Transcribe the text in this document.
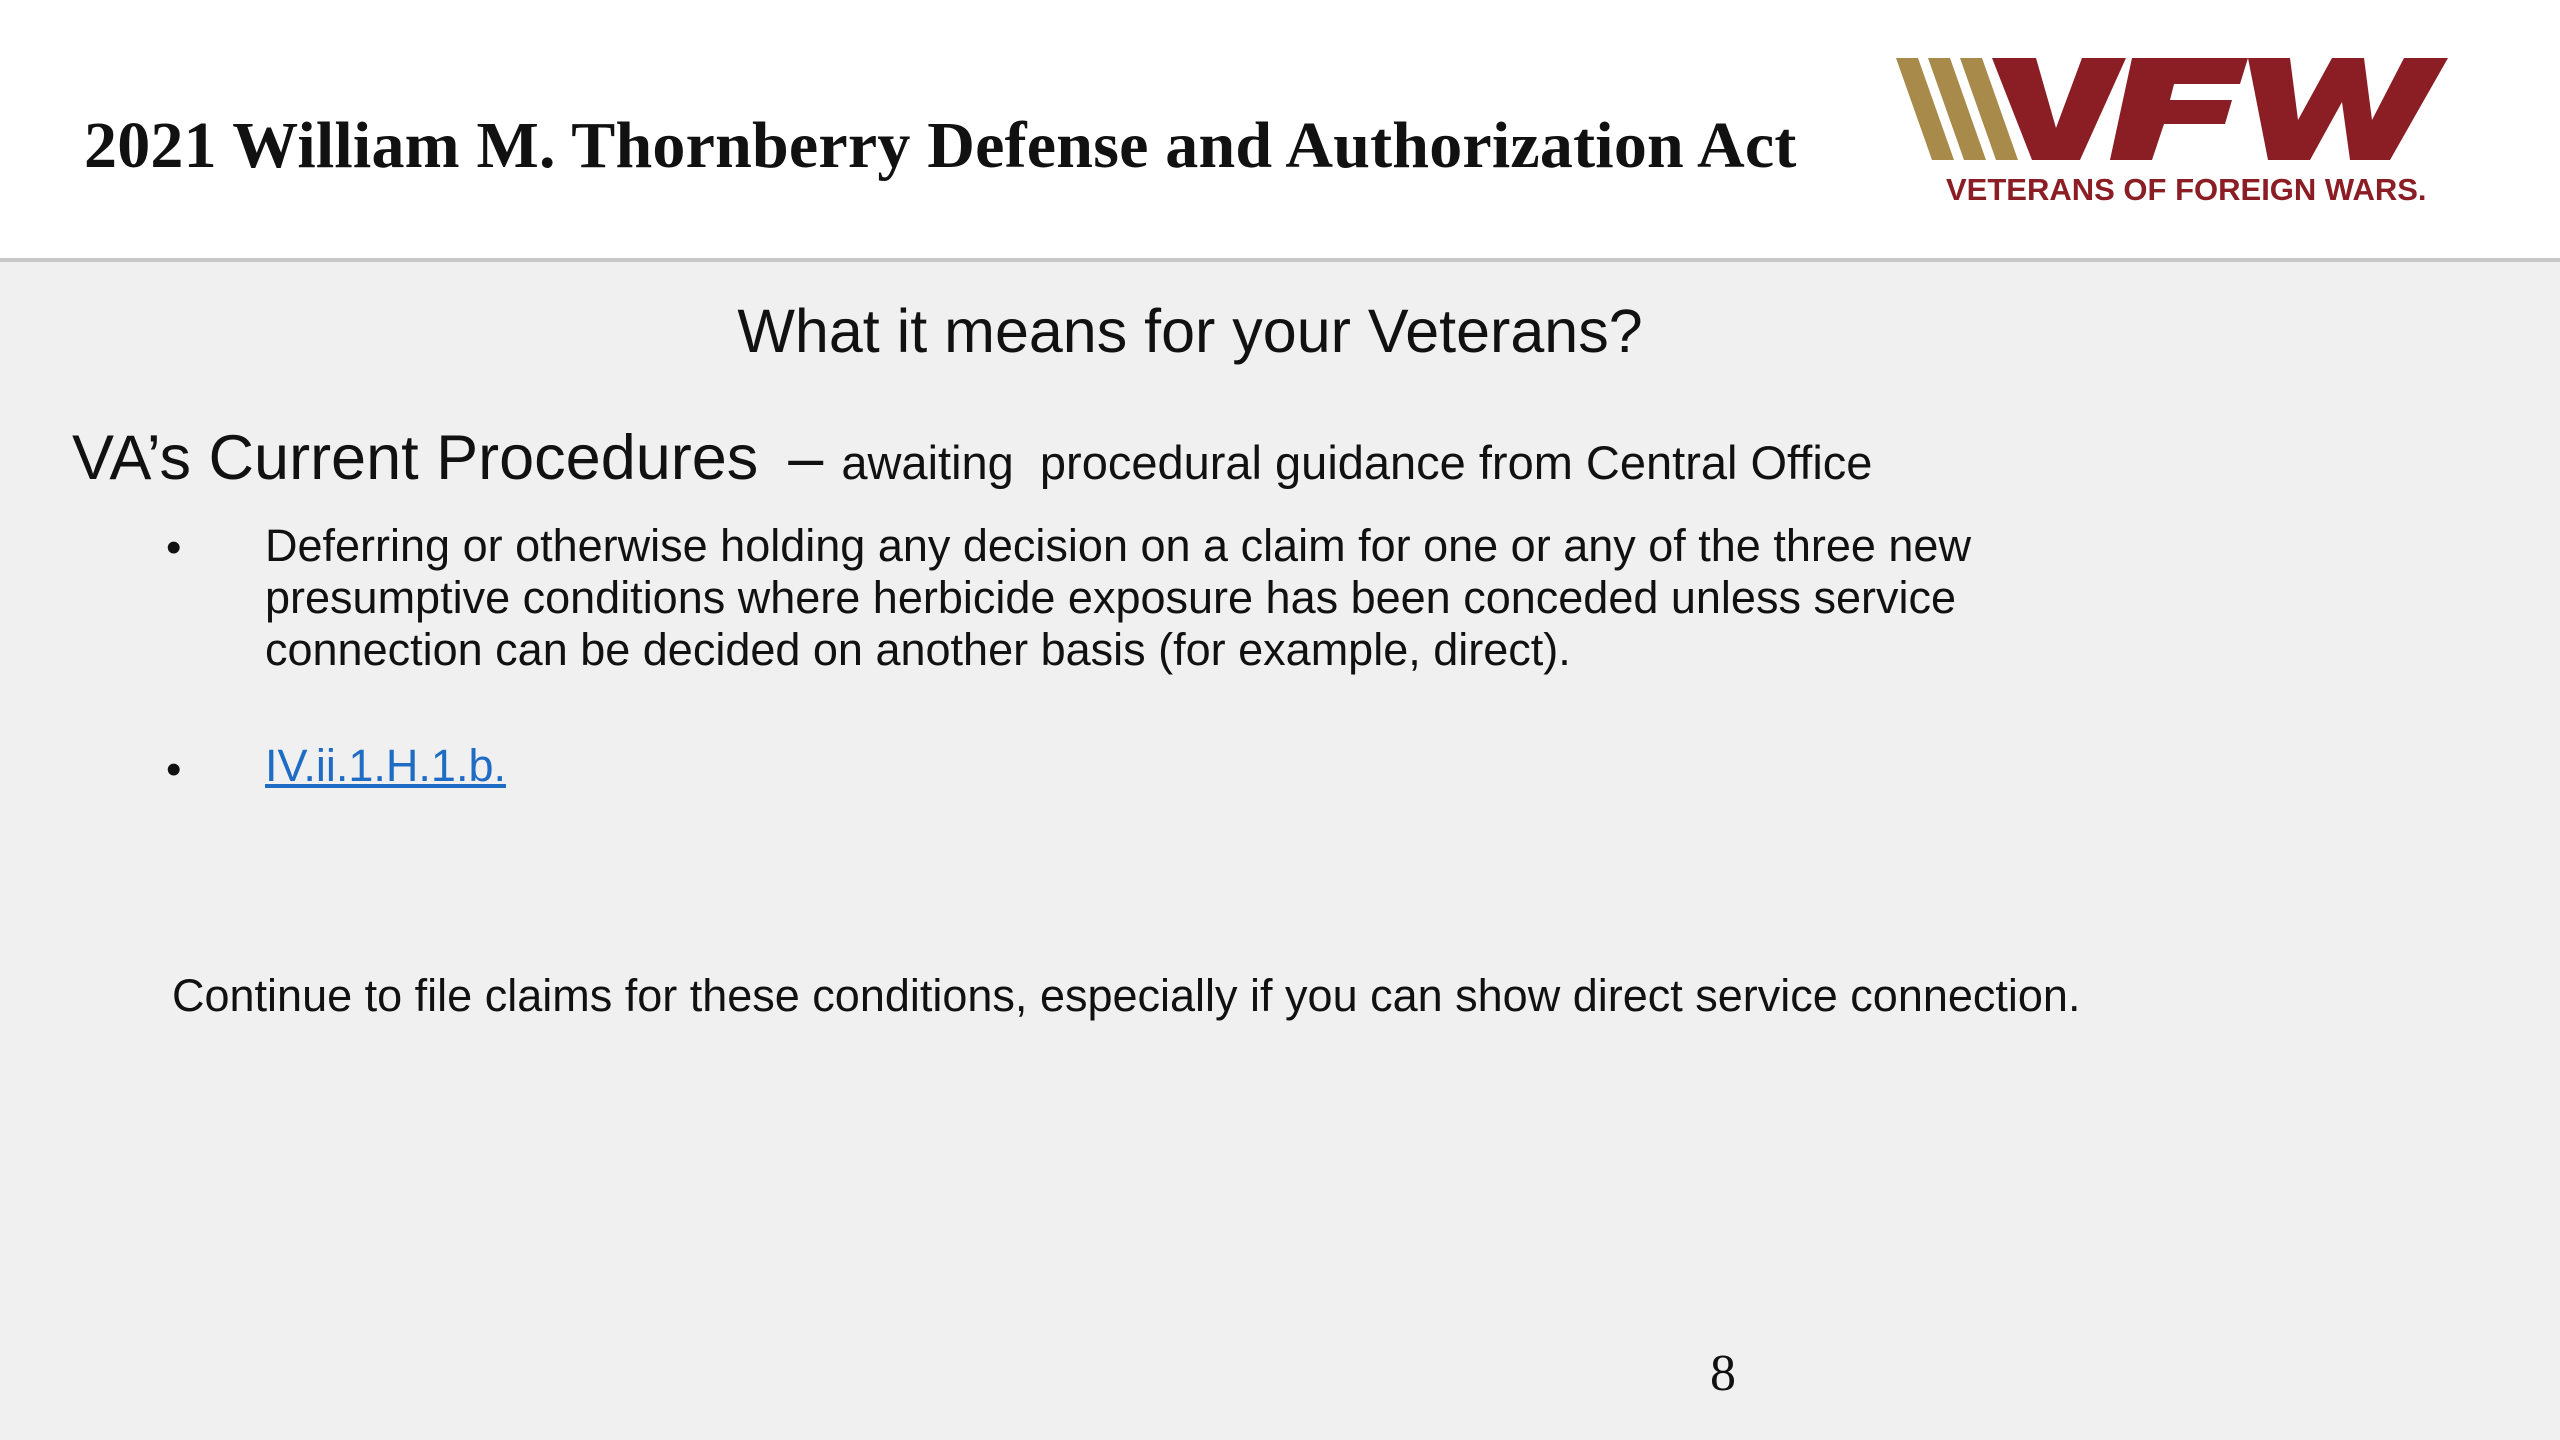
2021 William M. Thornberry Defense and Authorization Act
VETERANS OF FOREIGN WARS.
What it means for your Veterans?
VA’s Current Procedures – awaiting  procedural guidance from Central Office
• Deferring or otherwise holding any decision on a claim for one or any of the three new presumptive conditions where herbicide exposure has been conceded unless service connection can be decided on another basis (for example, direct).
• IV.ii.1.H.1.b.
Continue to file claims for these conditions, especially if you can show direct service connection.
8
